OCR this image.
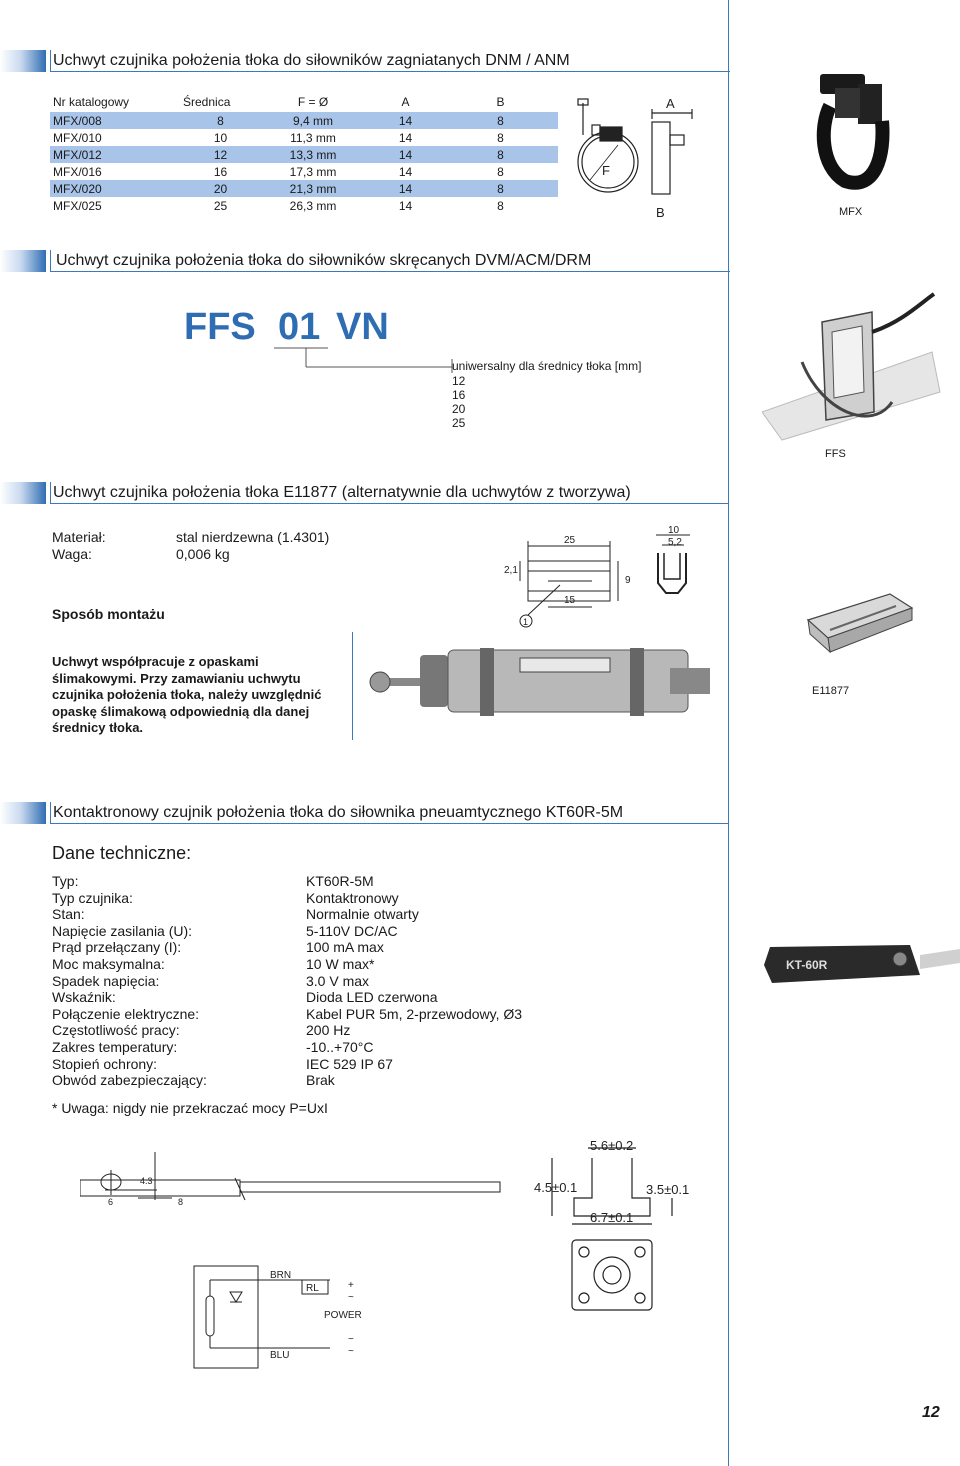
Uchwyt czujnika położenia tłoka do siłowników zagniatanych DNM / ANM
Nr katalogowy	Średnica	F = Ø	A	B
MFX/008	8	9,4 mm	14	8
MFX/010	10	11,3 mm	14	8
MFX/012	12	13,3 mm	14	8
MFX/016	16	17,3 mm	14	8
MFX/020	20	21,3 mm	14	8
MFX/025	25	26,3 mm	14	8
A
B
F
MFX
Uchwyt czujnika położenia tłoka do siłowników skręcanych DVM/ACM/DRM
FFS 01 VN
uniwersalny dla średnicy tłoka [mm]
12
16
20
25
FFS
Uchwyt czujnika położenia tłoka E11877 (alternatywnie dla uchwytów z tworzywa)
Materiał:	stal nierdzewna (1.4301)
Waga:	0,006 kg
25
15
9
2,1
10
5,2
1
Sposób montażu
Uchwyt współpracuje z opaskami
ślimakowymi. Przy zamawianiu uchwytu
czujnika położenia tłoka, należy uwzględnić
opaskę ślimakową odpowiednią dla danej
średnicy tłoka.
E11877
Kontaktronowy czujnik położenia tłoka do siłownika pneuamtycznego KT60R-5M
Dane techniczne:
Typ:	KT60R-5M
Typ czujnika:	Kontaktronowy
Stan:	Normalnie otwarty
Napięcie zasilania (U):	5-110V DC/AC
Prąd przełączany (I):	100 mA max
Moc maksymalna:	10 W max*
Spadek napięcia:	3.0 V max
Wskaźnik:	Dioda LED czerwona
Połączenie elektryczne:	Kabel PUR 5m, 2-przewodowy, Ø3
Częstotliwość pracy:	200 Hz
Zakres temperatury:	-10..+70°C
Stopień ochrony:	IEC 529 IP 67
Obwód zabezpieczający:	Brak
* Uwaga: nigdy nie przekraczać mocy P=UxI
KT-60R
4.3
6	8
5.6±0.2
4.5±0.1	3.5±0.1
6.7±0.1
BRN
BLU
RL	+
~
POWER
−
~
12
